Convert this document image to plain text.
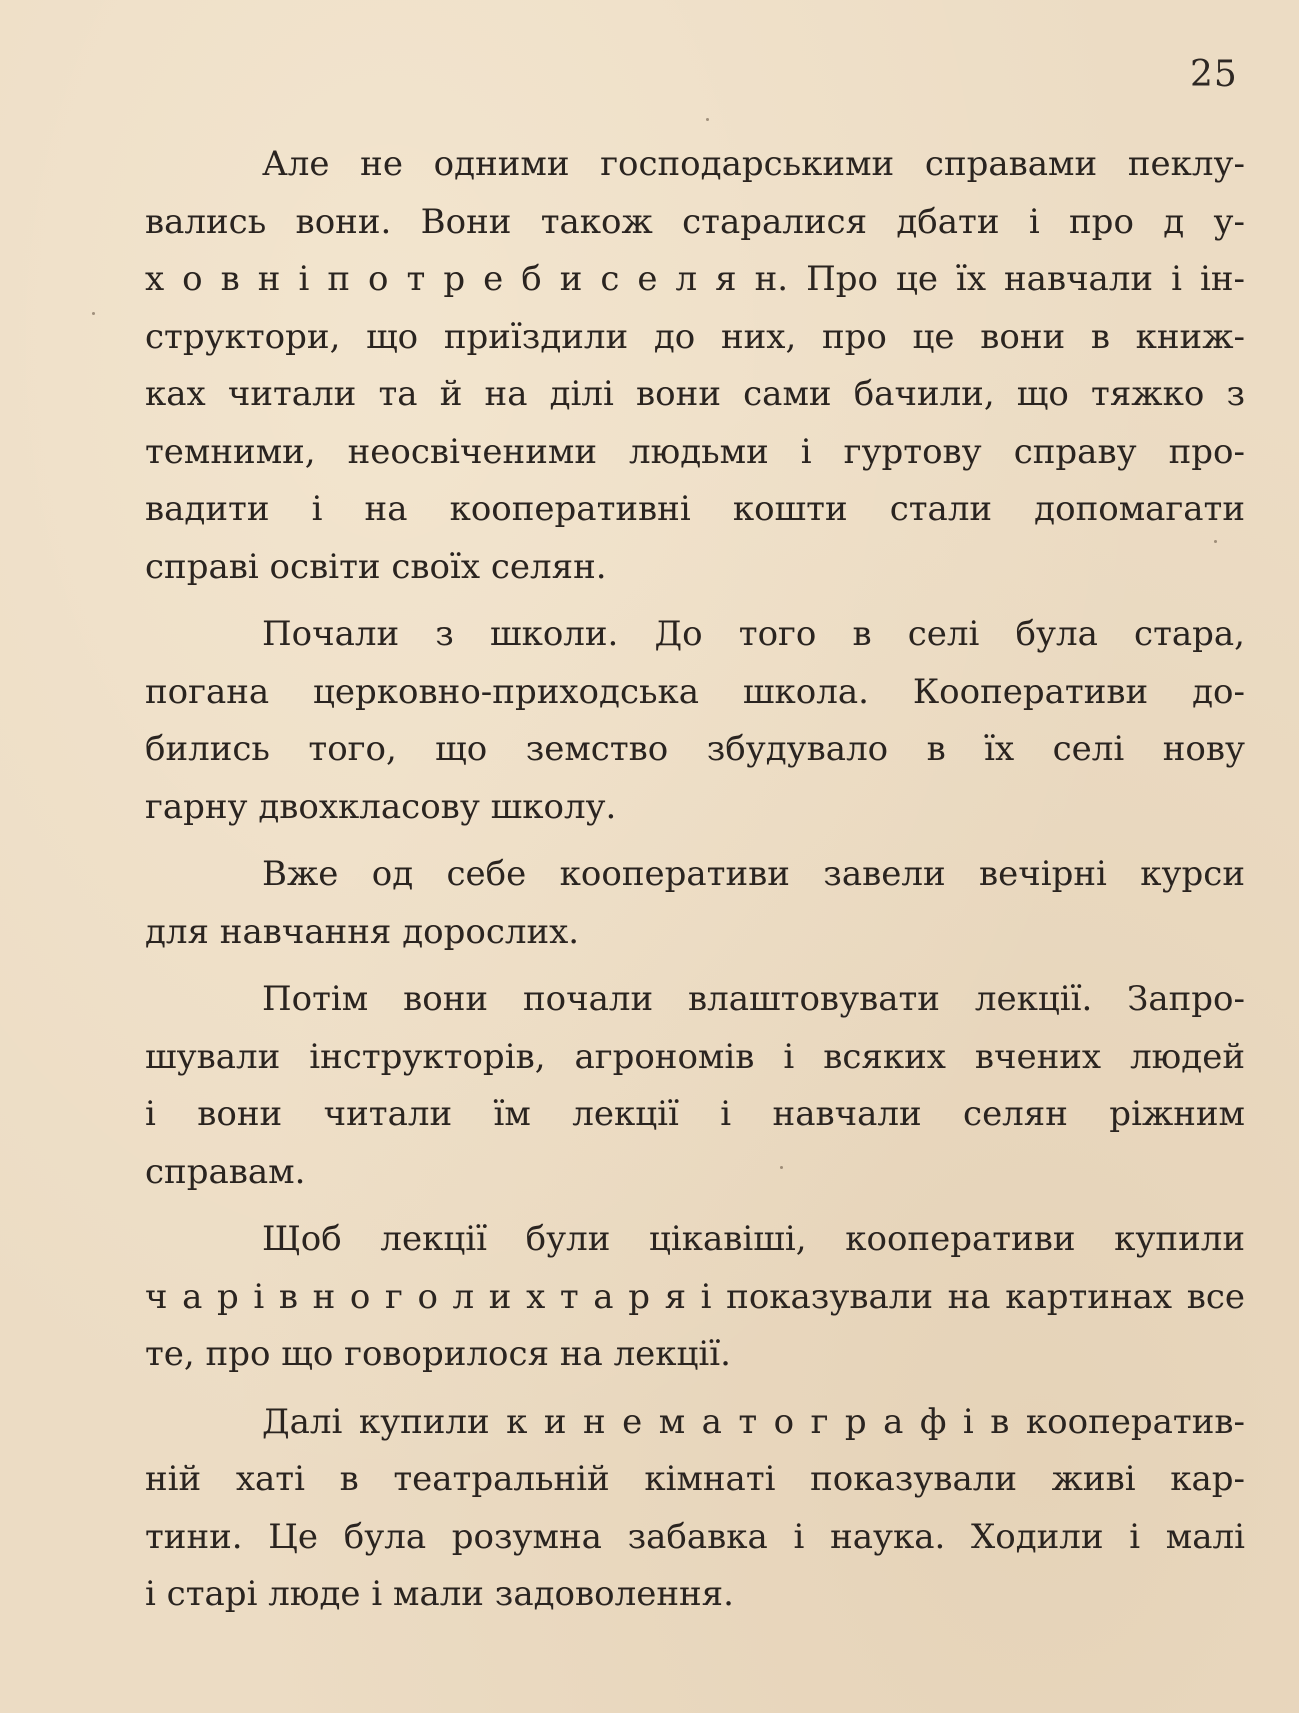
25
Але не одними господарськими справами пеклу-
вались вони. Вони також старалися дбати і про д у-
х о в н і п о т р е б и с е л я н. Про це їх навчали і ін-
структори, що приїздили до них, про це вони в книж-
ках читали та й на ділі вони сами бачили, що тяжко з
темними, неосвіченими людьми і гуртову справу про-
вадити і на кооперативні кошти стали допомагати
справі освіти своїх селян.
Почали з школи. До того в селі була стара,
погана церковно-приходська школа. Кооперативи до-
бились того, що земство збудувало в їх селі нову
гарну двохкласову школу.
Вже од себе кооперативи завели вечірні курси
для навчання дорослих.
Потім вони почали влаштовувати лекції. Запро-
шували інструкторів, агрономів і всяких вчених людей
і вони читали їм лекції і навчали селян ріжним
справам.
Щоб лекції були цікавіші, кооперативи купили
ч а р і в н о г о л и х т а р я і показували на картинах все
те, про що говорилося на лекції.
Далі купили к и н е м а т о г р а ф і в кооператив-
ній хаті в театральній кімнаті показували живі кар-
тини. Це була розумна забавка і наука. Ходили і малі
і старі люде і мали задоволення.
